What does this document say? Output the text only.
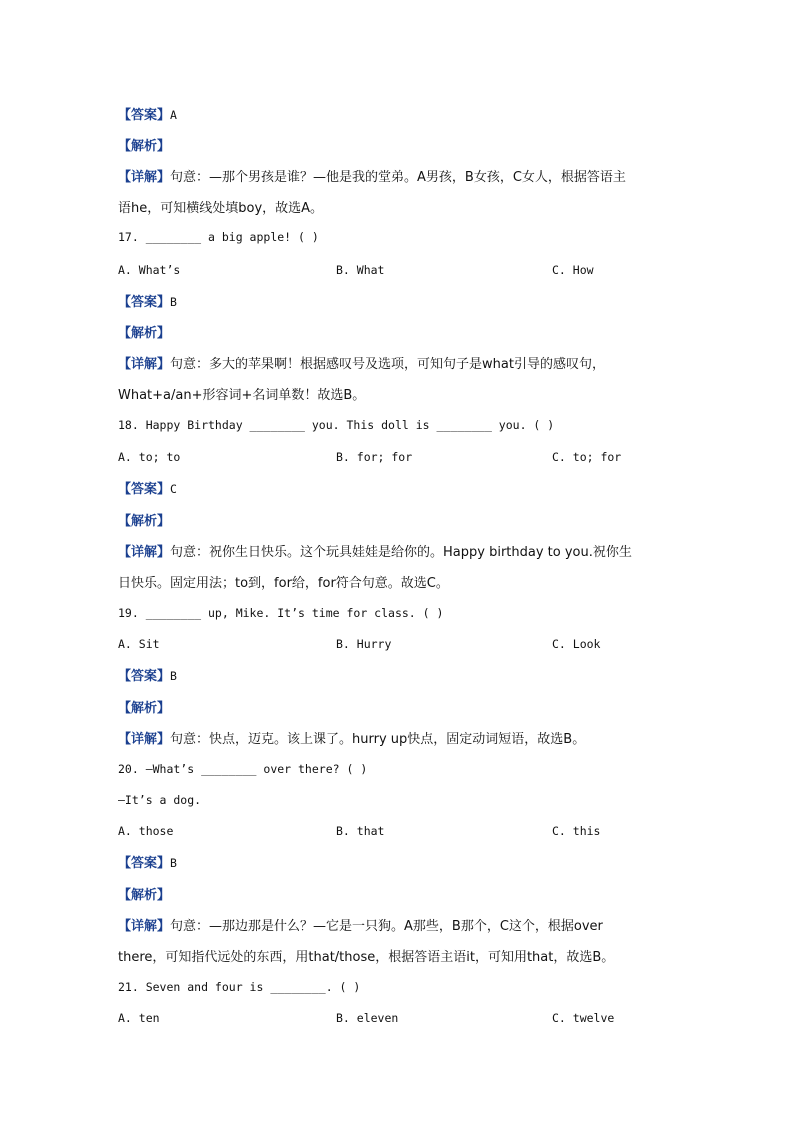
【答案】A
【解析】
【详解】句意：—那个男孩是谁？—他是我的堂弟。A男孩，B女孩，C女人，根据答语主
语he，可知横线处填boy，故选A。
17. ________ a big apple! ( )
A. What’s	B. What	C. How
【答案】B
【解析】
【详解】句意：多大的苹果啊！根据感叹号及选项，可知句子是what引导的感叹句，
What+a/an+形容词+名词单数！故选B。
18. Happy Birthday ________ you. This doll is ________ you. ( )
A. to; to	B. for; for	C. to; for
【答案】C
【解析】
【详解】句意：祝你生日快乐。这个玩具娃娃是给你的。Happy birthday to you.祝你生
日快乐。固定用法；to到，for给，for符合句意。故选C。
19. ________ up, Mike. It’s time for class. ( )
A. Sit	B. Hurry	C. Look
【答案】B
【解析】
【详解】句意：快点，迈克。该上课了。hurry up快点，固定动词短语，故选B。
20. —What’s ________ over there? ( )
—It’s a dog.
A. those	B. that	C. this
【答案】B
【解析】
【详解】句意：—那边那是什么？—它是一只狗。A那些，B那个，C这个，根据over
there，可知指代远处的东西，用that/those，根据答语主语it，可知用that，故选B。
21. Seven and four is ________. ( )
A. ten	B. eleven	C. twelve
